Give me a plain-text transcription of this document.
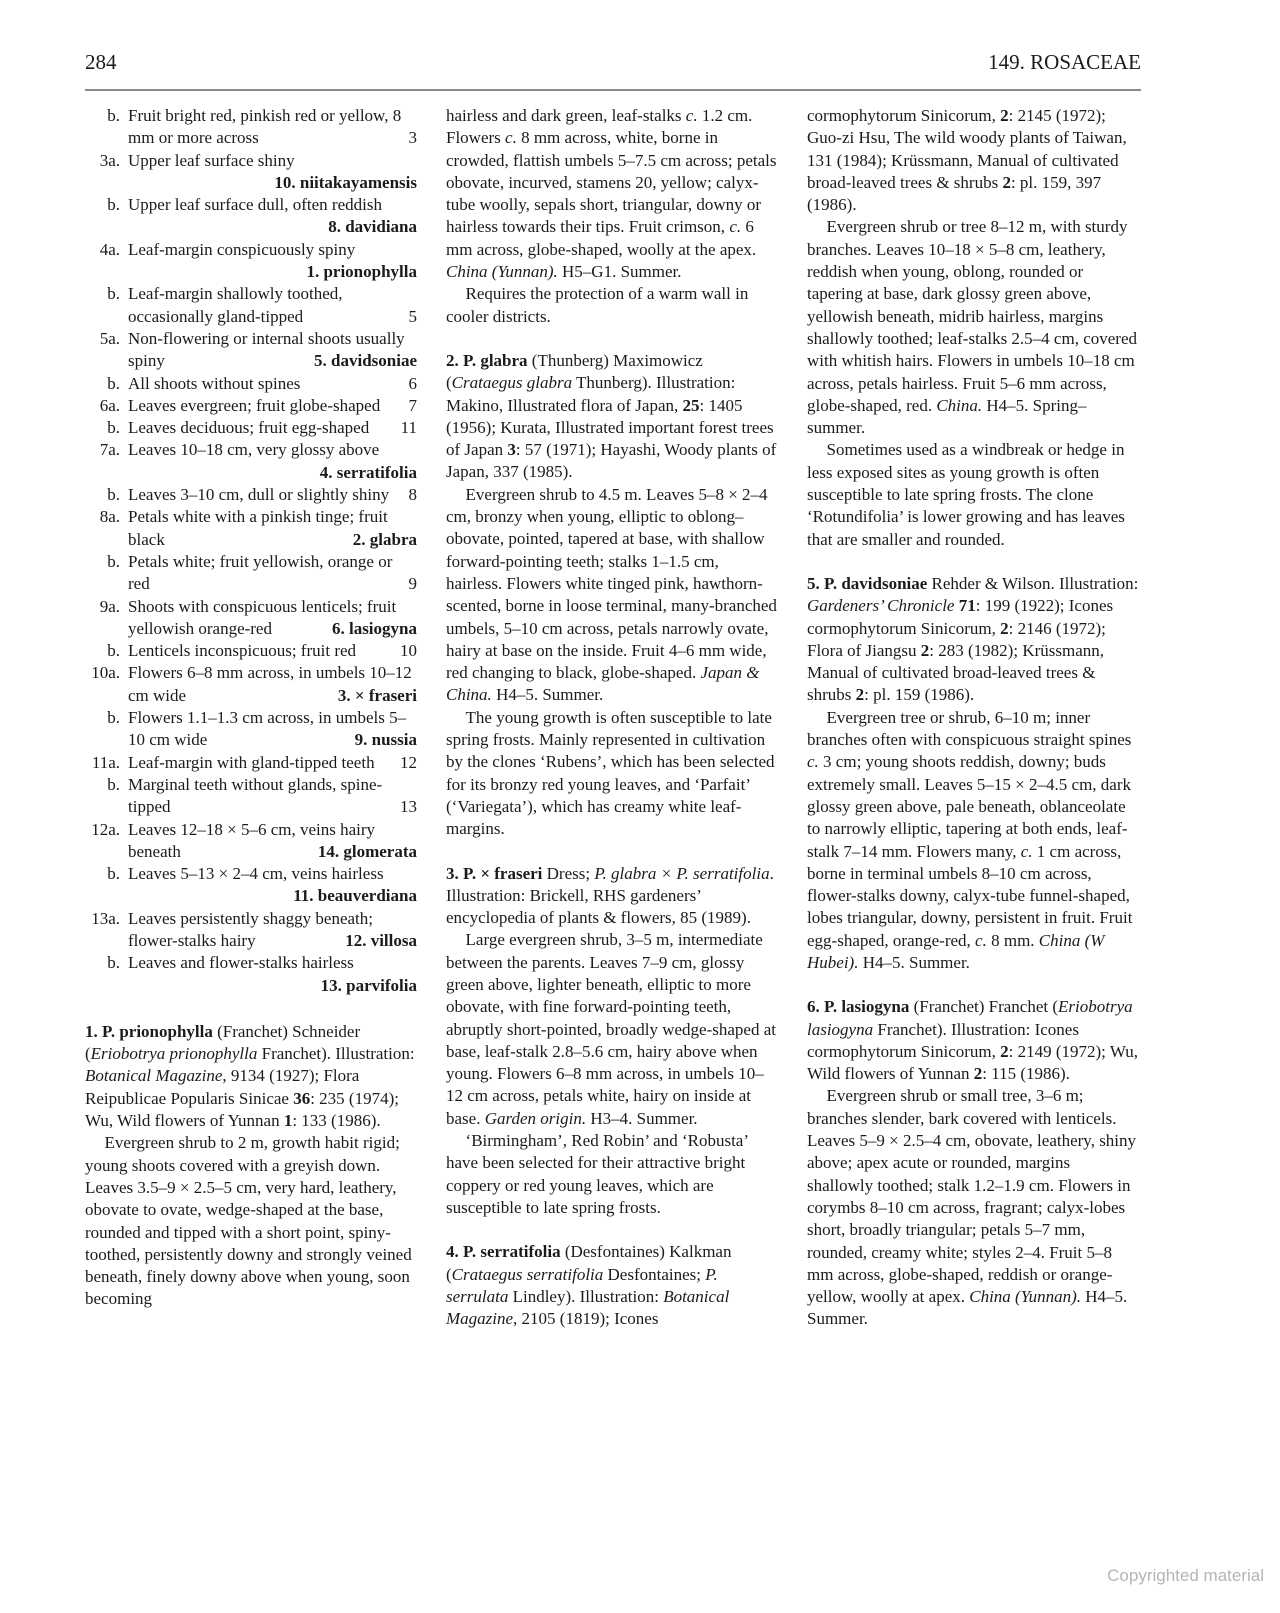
284	149. ROSACEAE
b. Fruit bright red, pinkish red or yellow, 8 mm or more across	3
3a. Upper leaf surface shiny
10. niitakayamensis
b. Upper leaf surface dull, often reddish
8. davidiana
4a. Leaf-margin conspicuously spiny
1. prionophylla
b. Leaf-margin shallowly toothed, occasionally gland-tipped	5
5a. Non-flowering or internal shoots usually spiny	5. davidsoniae
b. All shoots without spines	6
6a. Leaves evergreen; fruit globe-shaped	7
b. Leaves deciduous; fruit egg-shaped	11
7a. Leaves 10–18 cm, very glossy above
4. serratifolia
b. Leaves 3–10 cm, dull or slightly shiny	8
8a. Petals white with a pinkish tinge; fruit black	2. glabra
b. Petals white; fruit yellowish, orange or red	9
9a. Shoots with conspicuous lenticels; fruit yellowish orange-red	6. lasiogyna
b. Lenticels inconspicuous; fruit red	10
10a. Flowers 6–8 mm across, in umbels 10–12 cm wide	3. × fraseri
b. Flowers 1.1–1.3 cm across, in umbels 5–10 cm wide	9. nussia
11a. Leaf-margin with gland-tipped teeth	12
b. Marginal teeth without glands, spine-tipped	13
12a. Leaves 12–18 × 5–6 cm, veins hairy beneath	14. glomerata
b. Leaves 5–13 × 2–4 cm, veins hairless
11. beauverdiana
13a. Leaves persistently shaggy beneath; flower-stalks hairy	12. villosa
b. Leaves and flower-stalks hairless
13. parvifolia

1. P. prionophylla (Franchet) Schneider (Eriobotrya prionophylla Franchet). Illustration: Botanical Magazine, 9134 (1927); Flora Reipublicae Popularis Sinicae 36: 235 (1974); Wu, Wild flowers of Yunnan 1: 133 (1986).

Evergreen shrub to 2 m, growth habit rigid; young shoots covered with a greyish down. Leaves 3.5–9 × 2.5–5 cm, very hard, leathery, obovate to ovate, wedge-shaped at the base, rounded and tipped with a short point, spiny-toothed, persistently downy and strongly veined beneath, finely downy above when young, soon becoming

hairless and dark green, leaf-stalks c. 1.2 cm. Flowers c. 8 mm across, white, borne in crowded, flattish umbels 5–7.5 cm across; petals obovate, incurved, stamens 20, yellow; calyx-tube woolly, sepals short, triangular, downy or hairless towards their tips. Fruit crimson, c. 6 mm across, globe-shaped, woolly at the apex. China (Yunnan). H5–G1. Summer.

Requires the protection of a warm wall in cooler districts.

2. P. glabra (Thunberg) Maximowicz (Crataegus glabra Thunberg). Illustration: Makino, Illustrated flora of Japan, 25: 1405 (1956); Kurata, Illustrated important forest trees of Japan 3: 57 (1971); Hayashi, Woody plants of Japan, 337 (1985).

Evergreen shrub to 4.5 m. Leaves 5–8 × 2–4 cm, bronzy when young, elliptic to oblong–obovate, pointed, tapered at base, with shallow forward-pointing teeth; stalks 1–1.5 cm, hairless. Flowers white tinged pink, hawthorn-scented, borne in loose terminal, many-branched umbels, 5–10 cm across, petals narrowly ovate, hairy at base on the inside. Fruit 4–6 mm wide, red changing to black, globe-shaped. Japan & China. H4–5. Summer.

The young growth is often susceptible to late spring frosts. Mainly represented in cultivation by the clones ‘Rubens’, which has been selected for its bronzy red young leaves, and ‘Parfait’ (‘Variegata’), which has creamy white leaf-margins.

3. P. × fraseri Dress; P. glabra × P. serratifolia. Illustration: Brickell, RHS gardeners’ encyclopedia of plants & flowers, 85 (1989).

Large evergreen shrub, 3–5 m, intermediate between the parents. Leaves 7–9 cm, glossy green above, lighter beneath, elliptic to more obovate, with fine forward-pointing teeth, abruptly short-pointed, broadly wedge-shaped at base, leaf-stalk 2.8–5.6 cm, hairy above when young. Flowers 6–8 mm across, in umbels 10–12 cm across, petals white, hairy on inside at base. Garden origin. H3–4. Summer.

‘Birmingham’, Red Robin’ and ‘Robusta’ have been selected for their attractive bright coppery or red young leaves, which are susceptible to late spring frosts.

4. P. serratifolia (Desfontaines) Kalkman (Crataegus serratifolia Desfontaines; P. serrulata Lindley). Illustration: Botanical Magazine, 2105 (1819); Icones

cormophytorum Sinicorum, 2: 2145 (1972); Guo-zi Hsu, The wild woody plants of Taiwan, 131 (1984); Krüssmann, Manual of cultivated broad-leaved trees & shrubs 2: pl. 159, 397 (1986).

Evergreen shrub or tree 8–12 m, with sturdy branches. Leaves 10–18 × 5–8 cm, leathery, reddish when young, oblong, rounded or tapering at base, dark glossy green above, yellowish beneath, midrib hairless, margins shallowly toothed; leaf-stalks 2.5–4 cm, covered with whitish hairs. Flowers in umbels 10–18 cm across, petals hairless. Fruit 5–6 mm across, globe-shaped, red. China. H4–5. Spring–summer.

Sometimes used as a windbreak or hedge in less exposed sites as young growth is often susceptible to late spring frosts. The clone ‘Rotundifolia’ is lower growing and has leaves that are smaller and rounded.

5. P. davidsoniae Rehder & Wilson. Illustration: Gardeners’ Chronicle 71: 199 (1922); Icones cormophytorum Sinicorum, 2: 2146 (1972); Flora of Jiangsu 2: 283 (1982); Krüssmann, Manual of cultivated broad-leaved trees & shrubs 2: pl. 159 (1986).

Evergreen tree or shrub, 6–10 m; inner branches often with conspicuous straight spines c. 3 cm; young shoots reddish, downy; buds extremely small. Leaves 5–15 × 2–4.5 cm, dark glossy green above, pale beneath, oblanceolate to narrowly elliptic, tapering at both ends, leaf-stalk 7–14 mm. Flowers many, c. 1 cm across, borne in terminal umbels 8–10 cm across, flower-stalks downy, calyx-tube funnel-shaped, lobes triangular, downy, persistent in fruit. Fruit egg-shaped, orange-red, c. 8 mm. China (W Hubei). H4–5. Summer.

6. P. lasiogyna (Franchet) Franchet (Eriobotrya lasiogyna Franchet). Illustration: Icones cormophytorum Sinicorum, 2: 2149 (1972); Wu, Wild flowers of Yunnan 2: 115 (1986).

Evergreen shrub or small tree, 3–6 m; branches slender, bark covered with lenticels. Leaves 5–9 × 2.5–4 cm, obovate, leathery, shiny above; apex acute or rounded, margins shallowly toothed; stalk 1.2–1.9 cm. Flowers in corymbs 8–10 cm across, fragrant; calyx-lobes short, broadly triangular; petals 5–7 mm, rounded, creamy white; styles 2–4. Fruit 5–8 mm across, globe-shaped, reddish or orange-yellow, woolly at apex. China (Yunnan). H4–5. Summer.

Copyrighted material
